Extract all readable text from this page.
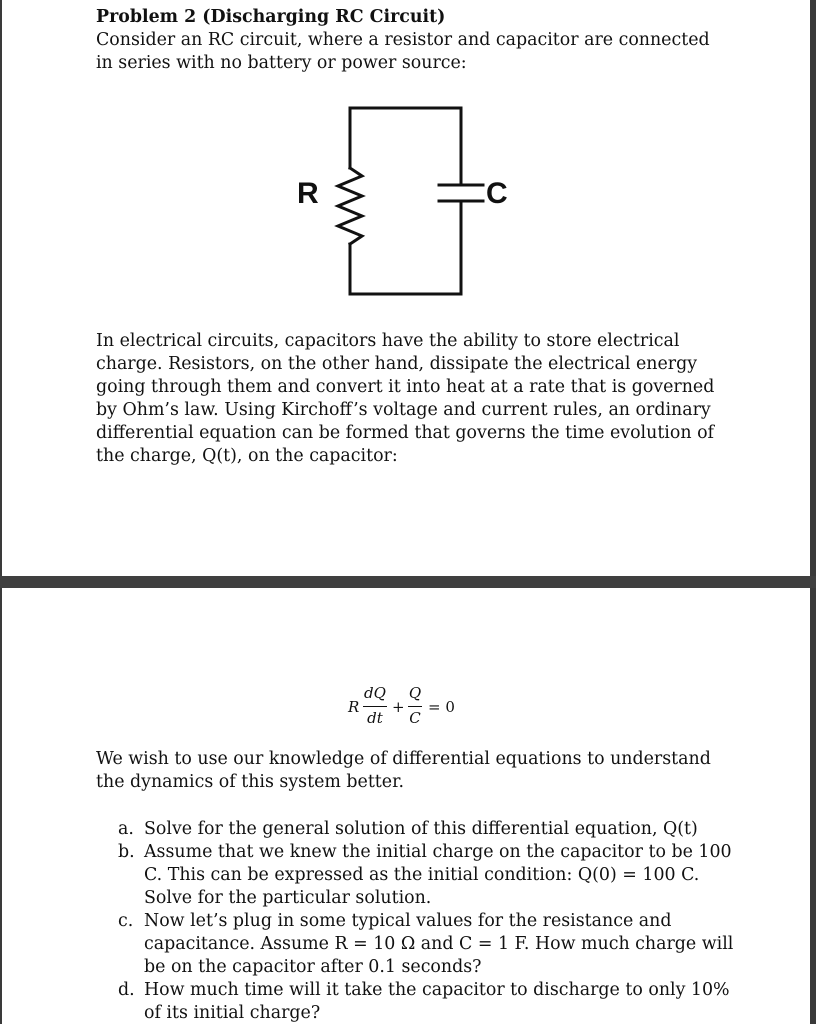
Problem 2 (Discharging RC Circuit)
Consider an RC circuit, where a resistor and capacitor are connected in series with no battery or power source:
R	C
In electrical circuits, capacitors have the ability to store electrical charge. Resistors, on the other hand, dissipate the electrical energy going through them and convert it into heat at a rate that is governed by Ohm’s law. Using Kirchoff’s voltage and current rules, an ordinary differential equation can be formed that governs the time evolution of the charge, Q(t), on the capacitor:
R
dQ
dt
+
Q
C
= 0
We wish to use our knowledge of differential equations to understand the dynamics of this system better.
a. Solve for the general solution of this differential equation, Q(t)
b. Assume that we knew the initial charge on the capacitor to be 100 C. This can be expressed as the initial condition: Q(0) = 100 C. Solve for the particular solution.
c. Now let’s plug in some typical values for the resistance and capacitance. Assume R = 10 Ω and C = 1 F. How much charge will be on the capacitor after 0.1 seconds?
d. How much time will it take the capacitor to discharge to only 10% of its initial charge?
